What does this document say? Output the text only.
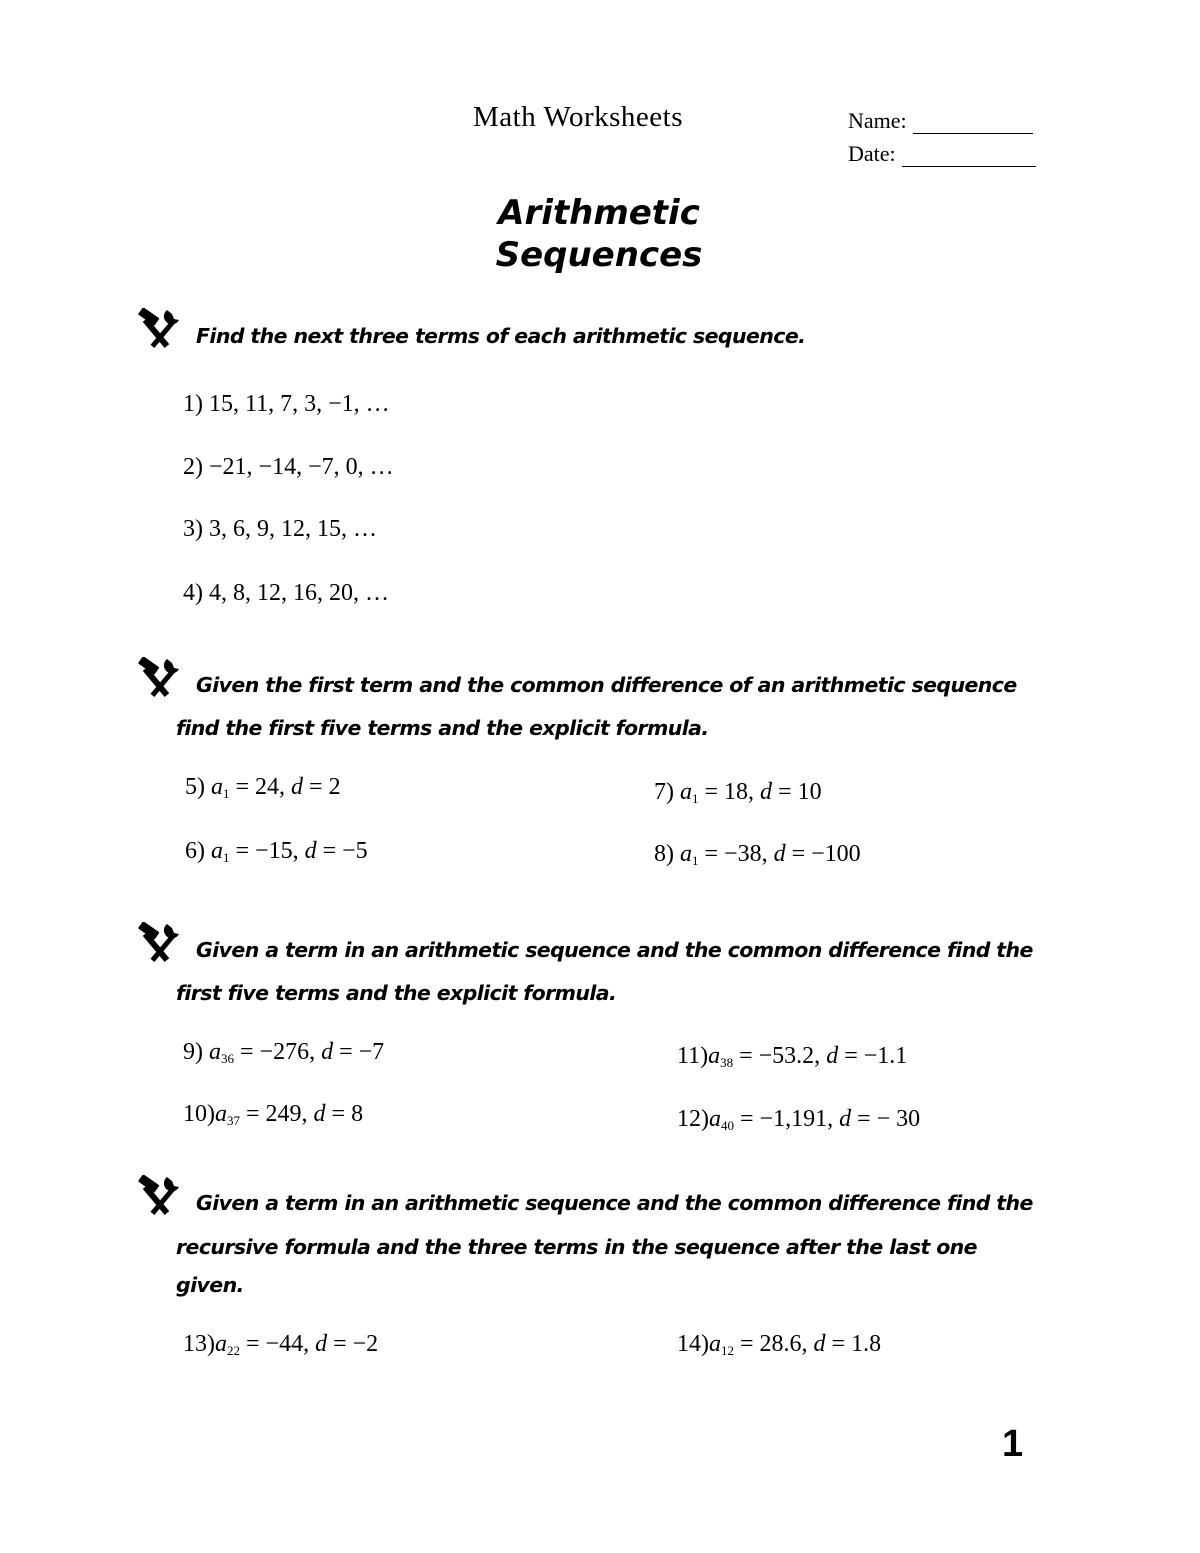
Math Worksheets	Name:
Date:
Arithmetic
Sequences
Find the next three terms of each arithmetic sequence.
1) 15, 11, 7, 3, −1, …
2) −21, −14, −7, 0, …
3) 3, 6, 9, 12, 15, …
4) 4, 8, 12, 16, 20, …
Given the first term and the common difference of an arithmetic sequence
find the first five terms and the explicit formula.
5) $a_1 = 24$, d = 2
6) $a_1 = -15$, d = −5
7) $a_1 = 18$, d = 10
8) $a_1 = -38$, d = −100
Given a term in an arithmetic sequence and the common difference find the
first five terms and the explicit formula.
9) $a_{36} = -276$, d = −7
$10)a_{37} = 249$, d = 8
$11)a_{38} = -53.2$, d = −1.1
$12)a_{40} = -1,191$, d = − 30
Given a term in an arithmetic sequence and the common difference find the
recursive formula and the three terms in the sequence after the last one
given.
$13)a_{22} = -44$, d = −2	$14)a_{12} = 28.6$, d = 1.8
1
